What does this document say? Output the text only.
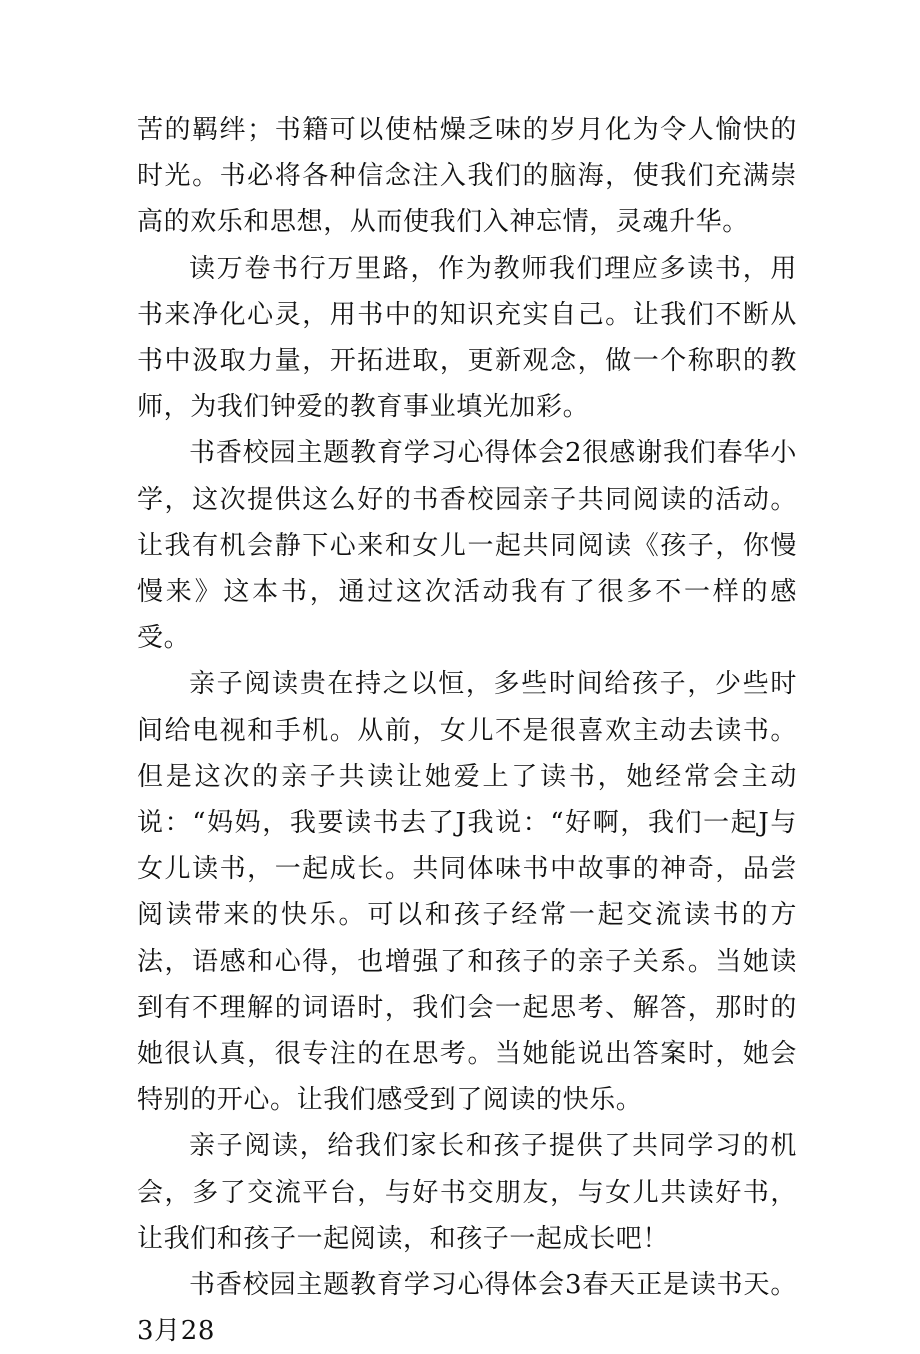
苦的羁绊；书籍可以使枯燥乏味的岁月化为令人愉快的时光。书必将各种信念注入我们的脑海，使我们充满崇高的欢乐和思想，从而使我们入神忘情，灵魂升华。

读万卷书行万里路，作为教师我们理应多读书，用书来净化心灵，用书中的知识充实自己。让我们不断从书中汲取力量，开拓进取，更新观念，做一个称职的教师，为我们钟爱的教育事业填光加彩。

书香校园主题教育学习心得体会2很感谢我们春华小学，这次提供这么好的书香校园亲子共同阅读的活动。让我有机会静下心来和女儿一起共同阅读《孩子，你慢慢来》这本书，通过这次活动我有了很多不一样的感受。

亲子阅读贵在持之以恒，多些时间给孩子，少些时间给电视和手机。从前，女儿不是很喜欢主动去读书。但是这次的亲子共读让她爱上了读书，她经常会主动说：“妈妈，我要读书去了J我说：“好啊，我们一起J与女儿读书，一起成长。共同体味书中故事的神奇，品尝阅读带来的快乐。可以和孩子经常一起交流读书的方法，语感和心得，也增强了和孩子的亲子关系。当她读到有不理解的词语时，我们会一起思考、解答，那时的她很认真，很专注的在思考。当她能说出答案时，她会特别的开心。让我们感受到了阅读的快乐。

亲子阅读，给我们家长和孩子提供了共同学习的机会，多了交流平台，与好书交朋友，与女儿共读好书，让我们和孩子一起阅读，和孩子一起成长吧！

书香校园主题教育学习心得体会3春天正是读书天。3月28
